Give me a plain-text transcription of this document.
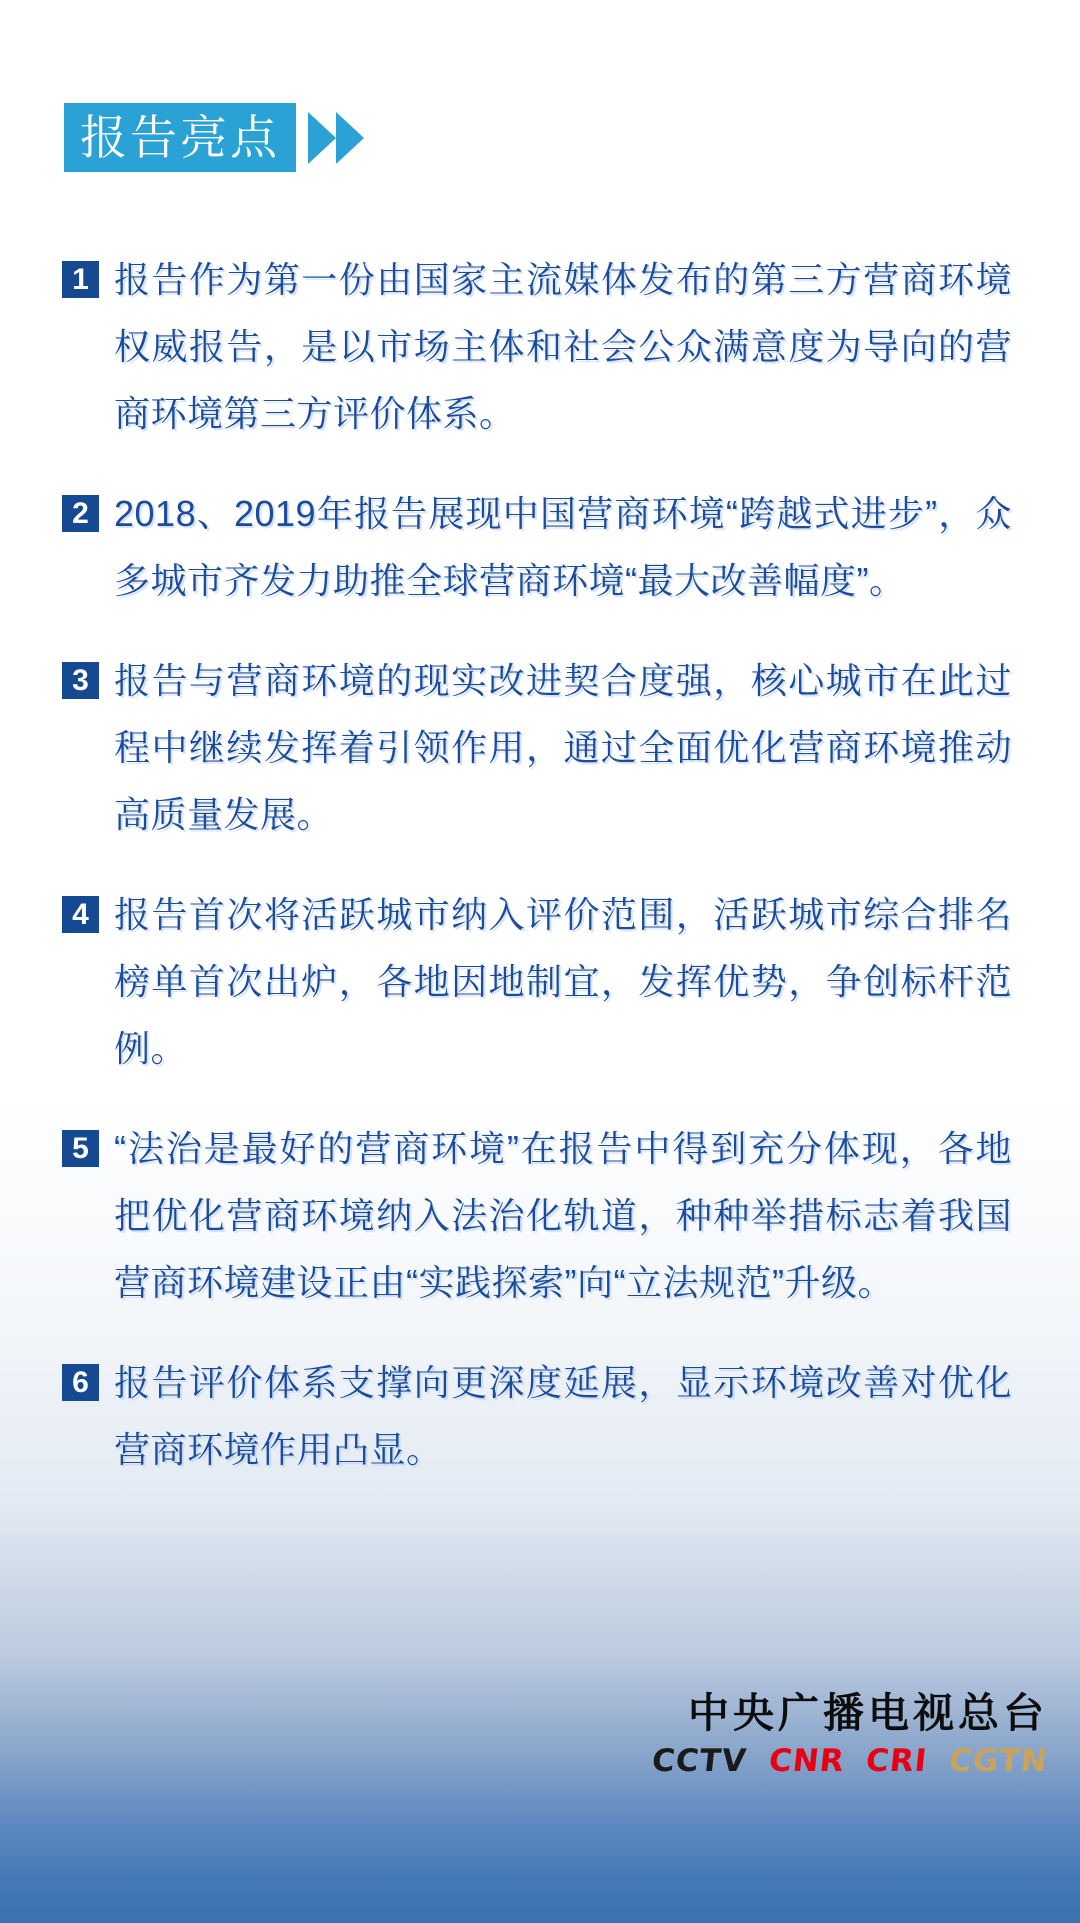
报告亮点
1 报告作为第一份由国家主流媒体发布的第三方营商环境权威报告，是以市场主体和社会公众满意度为导向的营商环境第三方评价体系。
2 2018、2019年报告展现中国营商环境“跨越式进步”，众多城市齐发力助推全球营商环境“最大改善幅度”。
3 报告与营商环境的现实改进契合度强，核心城市在此过程中继续发挥着引领作用，通过全面优化营商环境推动高质量发展。
4 报告首次将活跃城市纳入评价范围，活跃城市综合排名榜单首次出炉，各地因地制宜，发挥优势，争创标杆范例。
5 “法治是最好的营商环境”在报告中得到充分体现，各地把优化营商环境纳入法治化轨道，种种举措标志着我国营商环境建设正由“实践探索”向“立法规范”升级。
6 报告评价体系支撑向更深度延展，显示环境改善对优化营商环境作用凸显。
中央广播电视总台
CCTV CNR CRI CGTN
